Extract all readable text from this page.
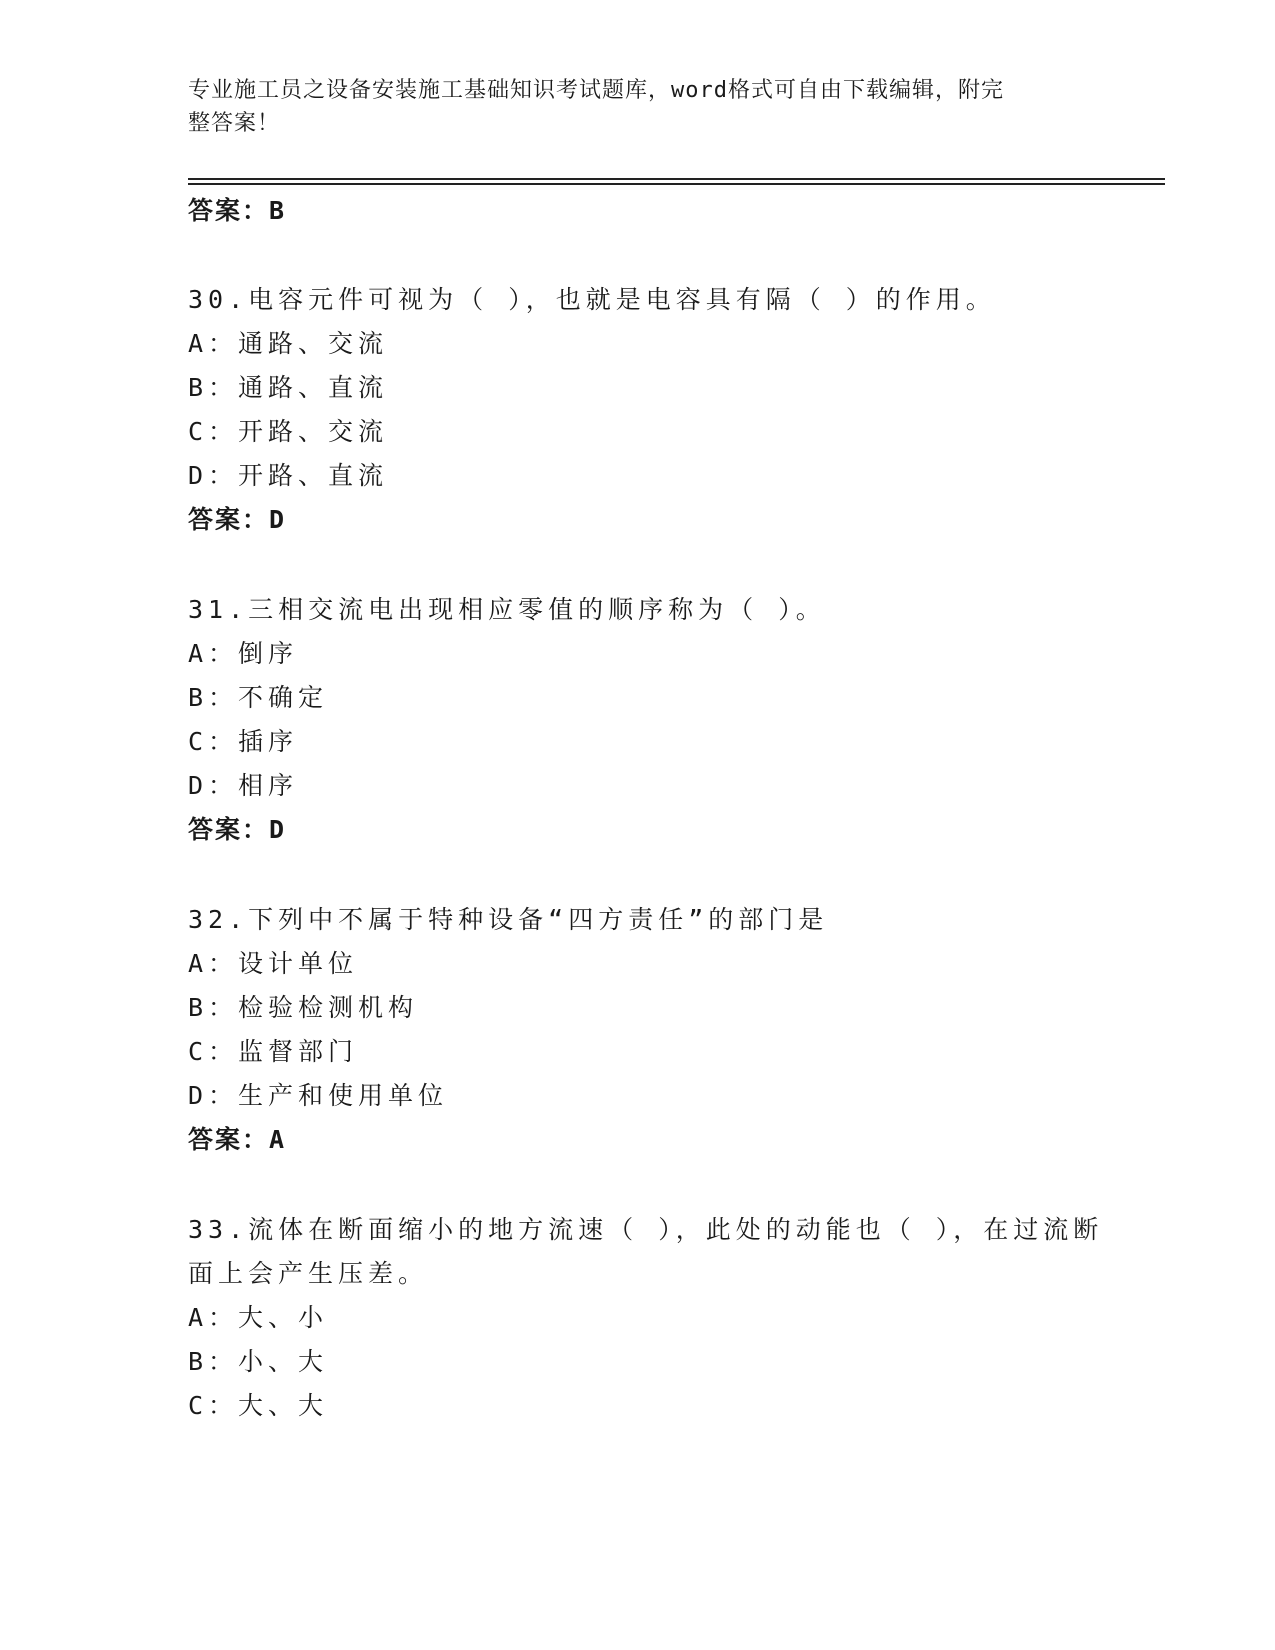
专业施工员之设备安装施工基础知识考试题库，word格式可自由下载编辑，附完
整答案！
答案：B
30.电容元件可视为（ ），也就是电容具有隔（ ）的作用。
A：通路、交流
B：通路、直流
C：开路、交流
D：开路、直流
答案：D
31.三相交流电出现相应零值的顺序称为（ ）。
A：倒序
B：不确定
C：插序
D：相序
答案：D
32.下列中不属于特种设备“四方责任”的部门是
A：设计单位
B：检验检测机构
C：监督部门
D：生产和使用单位
答案：A
33.流体在断面缩小的地方流速（ ），此处的动能也（ ），在过流断
面上会产生压差。
A：大、小
B：小、大
C：大、大
